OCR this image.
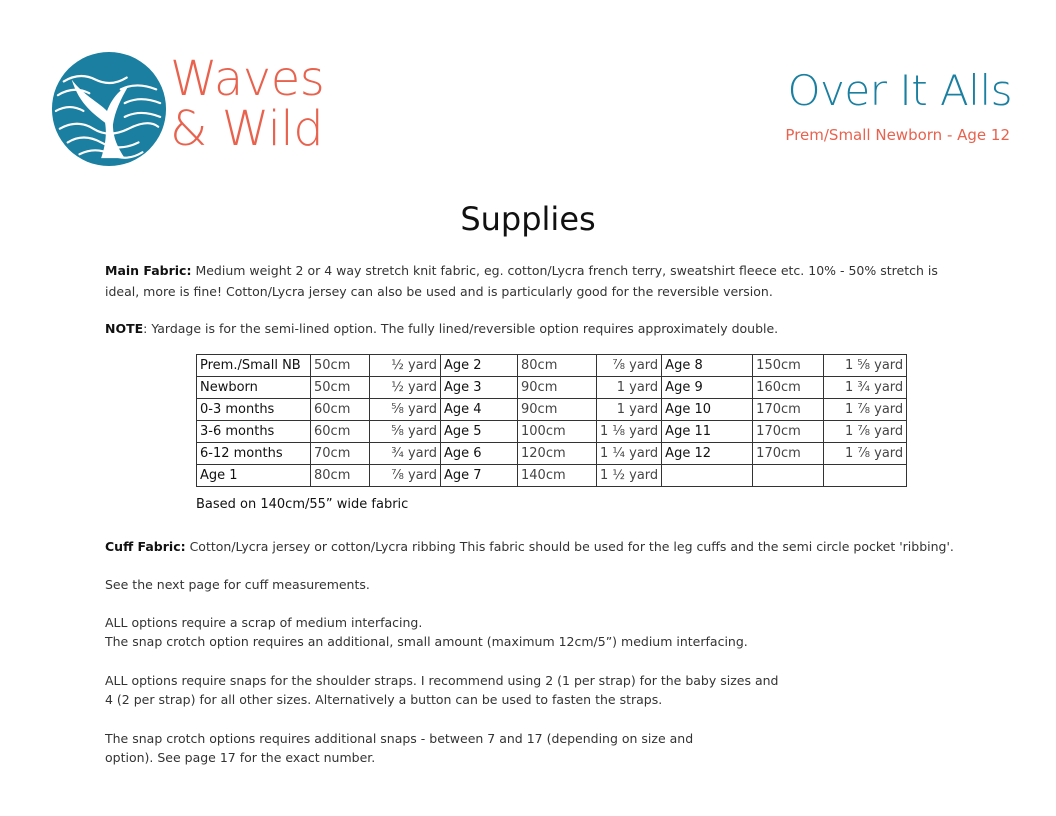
Waves
& Wild
Over It Alls
Prem/Small Newborn - Age 12
Supplies
Main Fabric: Medium weight 2 or 4 way stretch knit fabric, eg. cotton/Lycra french terry, sweatshirt fleece etc. 10% - 50% stretch is ideal, more is fine! Cotton/Lycra jersey can also be used and is particularly good for the reversible version.
NOTE: Yardage is for the semi-lined option. The fully lined/reversible option requires approximately double.
Prem./Small NB	50cm	½ yard	Age 2	80cm	⅞ yard	Age 8	150cm	1 ⅝ yard
Newborn	50cm	½ yard	Age 3	90cm	1 yard	Age 9	160cm	1 ¾ yard
0-3 months	60cm	⅝ yard	Age 4	90cm	1 yard	Age 10	170cm	1 ⅞ yard
3-6 months	60cm	⅝ yard	Age 5	100cm	1 ⅛ yard	Age 11	170cm	1 ⅞ yard
6-12 months	70cm	¾ yard	Age 6	120cm	1 ¼ yard	Age 12	170cm	1 ⅞ yard
Age 1	80cm	⅞ yard	Age 7	140cm	1 ½ yard			
Based on 140cm/55” wide fabric
Cuff Fabric: Cotton/Lycra jersey or cotton/Lycra ribbing This fabric should be used for the leg cuffs and the semi circle pocket 'ribbing'.
See the next page for cuff measurements.
ALL options require a scrap of medium interfacing.
The snap crotch option requires an additional, small amount (maximum 12cm/5”) medium interfacing.
ALL options require snaps for the shoulder straps. I recommend using 2 (1 per strap) for the baby sizes and
4 (2 per strap) for all other sizes. Alternatively a button can be used to fasten the straps.
The snap crotch options requires additional snaps - between 7 and 17 (depending on size and
option). See page 17 for the exact number.
